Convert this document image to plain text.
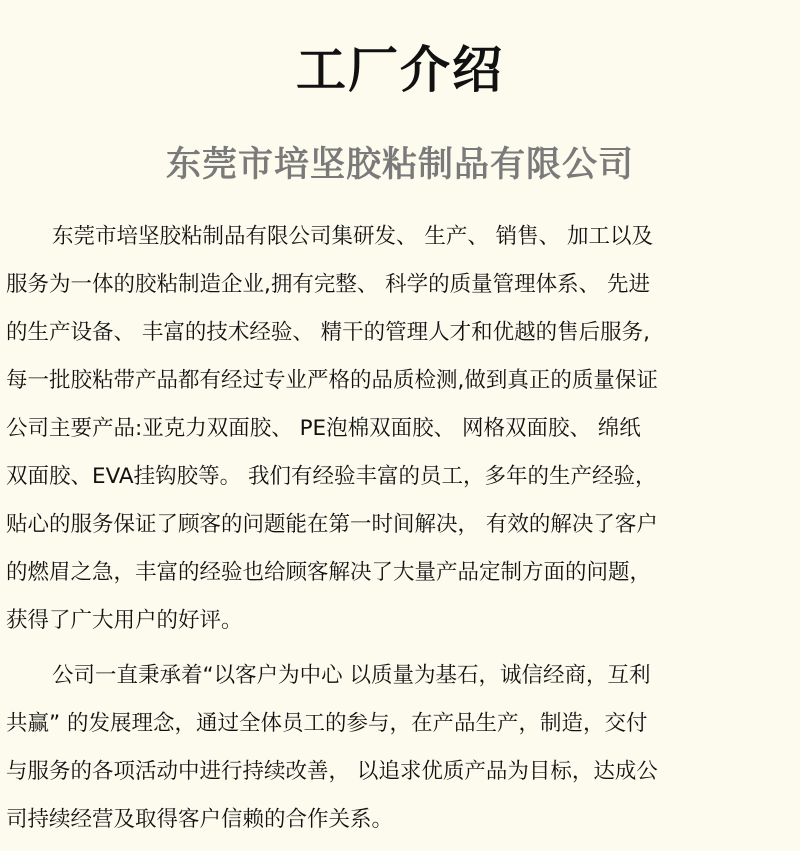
工厂介绍
东莞市培坚胶粘制品有限公司
东莞市培坚胶粘制品有限公司集研发、 生产、 销售、 加工以及
服务为一体的胶粘制造企业,拥有完整、 科学的质量管理体系、 先进
的生产设备、 丰富的技术经验、 精干的管理人才和优越的售后服务,
每一批胶粘带产品都有经过专业严格的品质检测,做到真正的质量保证
公司主要产品:亚克力双面胶、 PE泡棉双面胶、 网格双面胶、 绵纸
双面胶、EVA挂钩胶等。 我们有经验丰富的员工，多年的生产经验，
贴心的服务保证了顾客的问题能在第一时间解决， 有效的解决了客户
的燃眉之急，丰富的经验也给顾客解决了大量产品定制方面的问题，
获得了广大用户的好评。
公司一直秉承着“以客户为中心 以质量为基石，诚信经商，互利
共赢” 的发展理念，通过全体员工的参与，在产品生产，制造，交付
与服务的各项活动中进行持续改善， 以追求优质产品为目标，达成公
司持续经营及取得客户信赖的合作关系。
